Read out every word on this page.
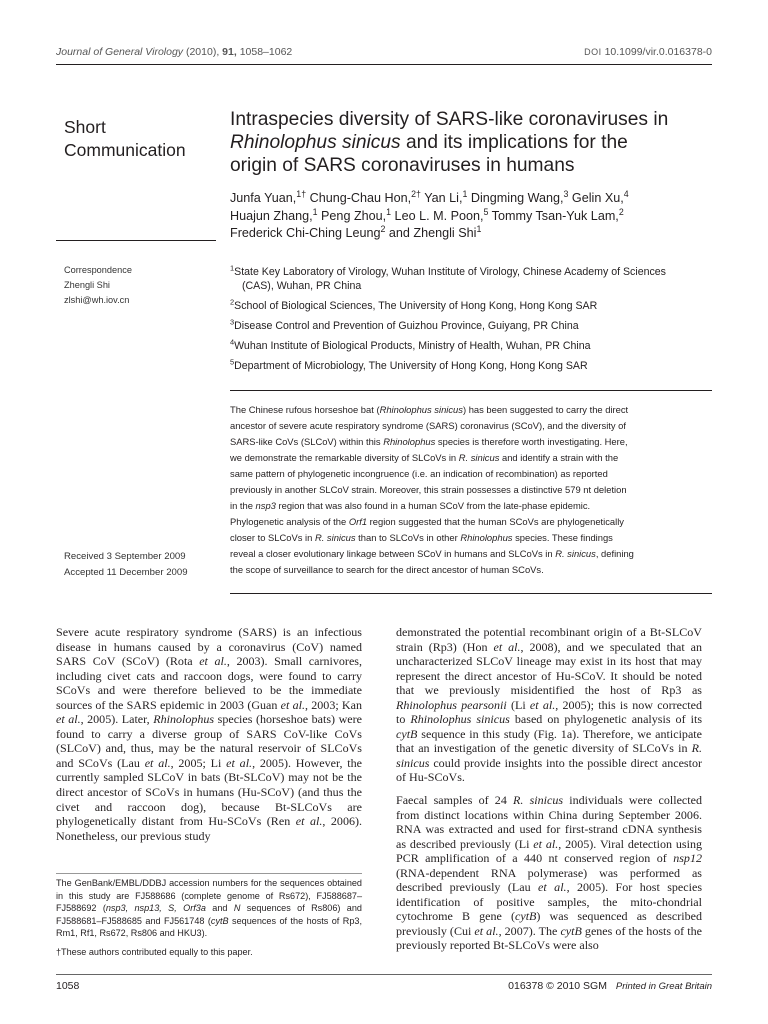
Journal of General Virology (2010), 91, 1058–1062	DOI 10.1099/vir.0.016378-0
Short
Communication
Intraspecies diversity of SARS-like coronaviruses in
Rhinolophus sinicus and its implications for the
origin of SARS coronaviruses in humans
Junfa Yuan,$^{1\dagger}$ Chung-Chau Hon,$^{2\dagger}$ Yan Li,$^1$ Dingming Wang,$^3$ Gelin Xu,$^4$
Huajun Zhang,$^1$ Peng Zhou,$^1$ Leo L. M. Poon,$^5$ Tommy Tsan-Yuk Lam,$^2$
Frederick Chi-Ching Leung$^2$ and Zhengli Shi$^1$
Correspondence
Zhengli Shi
zlshi@wh.iov.cn
$^1$State Key Laboratory of Virology, Wuhan Institute of Virology, Chinese Academy of Sciences
(CAS), Wuhan, PR China
$^2$School of Biological Sciences, The University of Hong Kong, Hong Kong SAR
$^3$Disease Control and Prevention of Guizhou Province, Guiyang, PR China
$^4$Wuhan Institute of Biological Products, Ministry of Health, Wuhan, PR China
$^5$Department of Microbiology, The University of Hong Kong, Hong Kong SAR
The Chinese rufous horseshoe bat (Rhinolophus sinicus) has been suggested to carry the direct
ancestor of severe acute respiratory syndrome (SARS) coronavirus (SCoV), and the diversity of
SARS-like CoVs (SLCoV) within this Rhinolophus species is therefore worth investigating. Here,
we demonstrate the remarkable diversity of SLCoVs in R. sinicus and identify a strain with the
same pattern of phylogenetic incongruence (i.e. an indication of recombination) as reported
previously in another SLCoV strain. Moreover, this strain possesses a distinctive 579 nt deletion
in the nsp3 region that was also found in a human SCoV from the late-phase epidemic.
Phylogenetic analysis of the Orf1 region suggested that the human SCoVs are phylogenetically
closer to SLCoVs in R. sinicus than to SLCoVs in other Rhinolophus species. These findings
reveal a closer evolutionary linkage between SCoV in humans and SLCoVs in R. sinicus, defining
the scope of surveillance to search for the direct ancestor of human SCoVs.
Received 3 September 2009
Accepted 11 December 2009

Severe acute respiratory syndrome (SARS) is an infectious disease in humans caused by a coronavirus (CoV) named SARS CoV (SCoV) (Rota et al., 2003). Small carnivores, including civet cats and raccoon dogs, were found to carry SCoVs and were therefore believed to be the immediate sources of the SARS epidemic in 2003 (Guan et al., 2003; Kan et al., 2005). Later, Rhinolophus species (horseshoe bats) were found to carry a diverse group of SARS CoV-like CoVs (SLCoV) and, thus, may be the natural reservoir of SLCoVs and SCoVs (Lau et al., 2005; Li et al., 2005). However, the currently sampled SLCoV in bats (Bt-SLCoV) may not be the direct ancestor of SCoVs in humans (Hu-SCoV) (and thus the civet and raccoon dog), because Bt-SLCoVs are phylogenetically distant from Hu-SCoVs (Ren et al., 2006). Nonetheless, our previous study

The GenBank/EMBL/DDBJ accession numbers for the sequences obtained in this study are FJ588686 (complete genome of Rs672), FJ588687–FJ588692 (nsp3, nsp13, S, Orf3a and N sequences of Rs806) and FJ588681–FJ588685 and FJ561748 (cytB sequences of the hosts of Rp3, Rm1, Rf1, Rs672, Rs806 and HKU3).
†These authors contributed equally to this paper.

demonstrated the potential recombinant origin of a Bt-SLCoV strain (Rp3) (Hon et al., 2008), and we speculated that an uncharacterized SLCoV lineage may exist in its host that may represent the direct ancestor of Hu-SCoV. It should be noted that we previously misidentified the host of Rp3 as Rhinolophus pearsonii (Li et al., 2005); this is now corrected to Rhinolophus sinicus based on phylogenetic analysis of its cytB sequence in this study (Fig. 1a). Therefore, we anticipate that an investigation of the genetic diversity of SLCoVs in R. sinicus could provide insights into the possible direct ancestor of Hu-SCoVs.

Faecal samples of 24 R. sinicus individuals were collected from distinct locations within China during September 2006. RNA was extracted and used for first-strand cDNA synthesis as described previously (Li et al., 2005). Viral detection using PCR amplification of a 440 nt conserved region of nsp12 (RNA-dependent RNA polymerase) was performed as described previously (Lau et al., 2005). For host species identification of positive samples, the mito-chondrial cytochrome B gene (cytB) was sequenced as described previously (Cui et al., 2007). The cytB genes of the hosts of the previously reported Bt-SLCoVs were also

1058	016378 © 2010 SGM Printed in Great Britain
